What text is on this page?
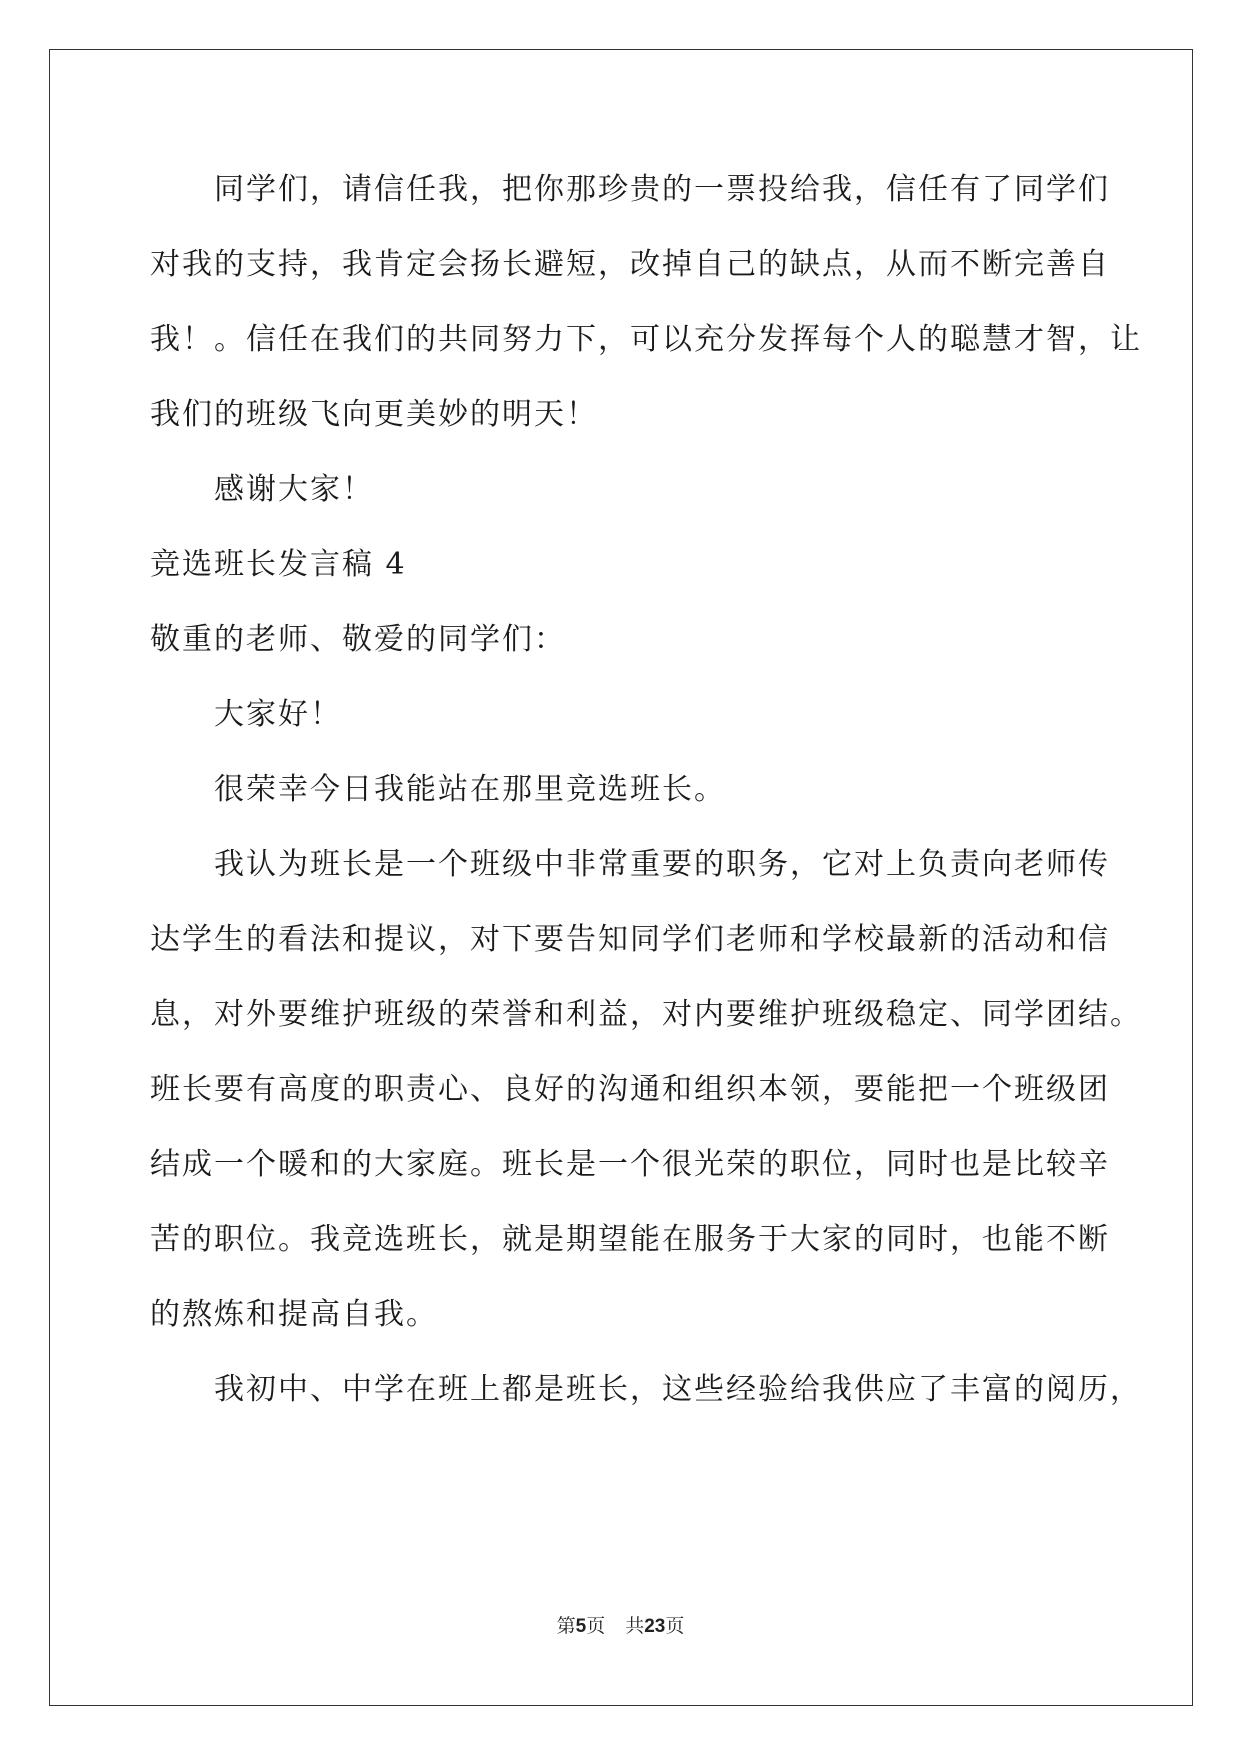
同学们，请信任我，把你那珍贵的一票投给我，信任有了同学们
对我的支持，我肯定会扬长避短，改掉自己的缺点，从而不断完善自
我！。信任在我们的共同努力下，可以充分发挥每个人的聪慧才智，让
我们的班级飞向更美妙的明天！
感谢大家！
竞选班长发言稿 4
敬重的老师、敬爱的同学们：
大家好！
很荣幸今日我能站在那里竞选班长。
我认为班长是一个班级中非常重要的职务，它对上负责向老师传
达学生的看法和提议，对下要告知同学们老师和学校最新的活动和信
息，对外要维护班级的荣誉和利益，对内要维护班级稳定、同学团结。
班长要有高度的职责心、良好的沟通和组织本领，要能把一个班级团
结成一个暖和的大家庭。班长是一个很光荣的职位，同时也是比较辛
苦的职位。我竞选班长，就是期望能在服务于大家的同时，也能不断
的熬炼和提高自我。
我初中、中学在班上都是班长，这些经验给我供应了丰富的阅历，
第5页 共23页
